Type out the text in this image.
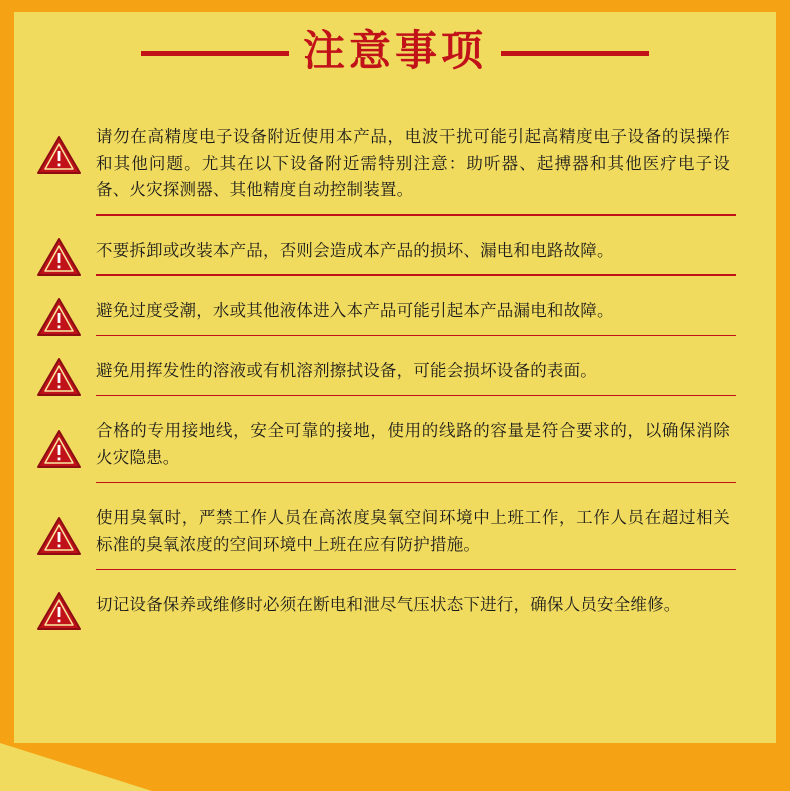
注意事项
请勿在高精度电子设备附近使用本产品，电波干扰可能引起高精度电子设备的误操作和其他问题。尤其在以下设备附近需特别注意：助听器、起搏器和其他医疗电子设备、火灾探测器、其他精度自动控制装置。
不要拆卸或改装本产品，否则会造成本产品的损坏、漏电和电路故障。
避免过度受潮，水或其他液体进入本产品可能引起本产品漏电和故障。
避免用挥发性的溶液或有机溶剂擦拭设备，可能会损坏设备的表面。
合格的专用接地线，安全可靠的接地，使用的线路的容量是符合要求的，以确保消除火灾隐患。
使用臭氧时，严禁工作人员在高浓度臭氧空间环境中上班工作，工作人员在超过相关标准的臭氧浓度的空间环境中上班在应有防护措施。
切记设备保养或维修时必须在断电和泄尽气压状态下进行，确保人员安全维修。
